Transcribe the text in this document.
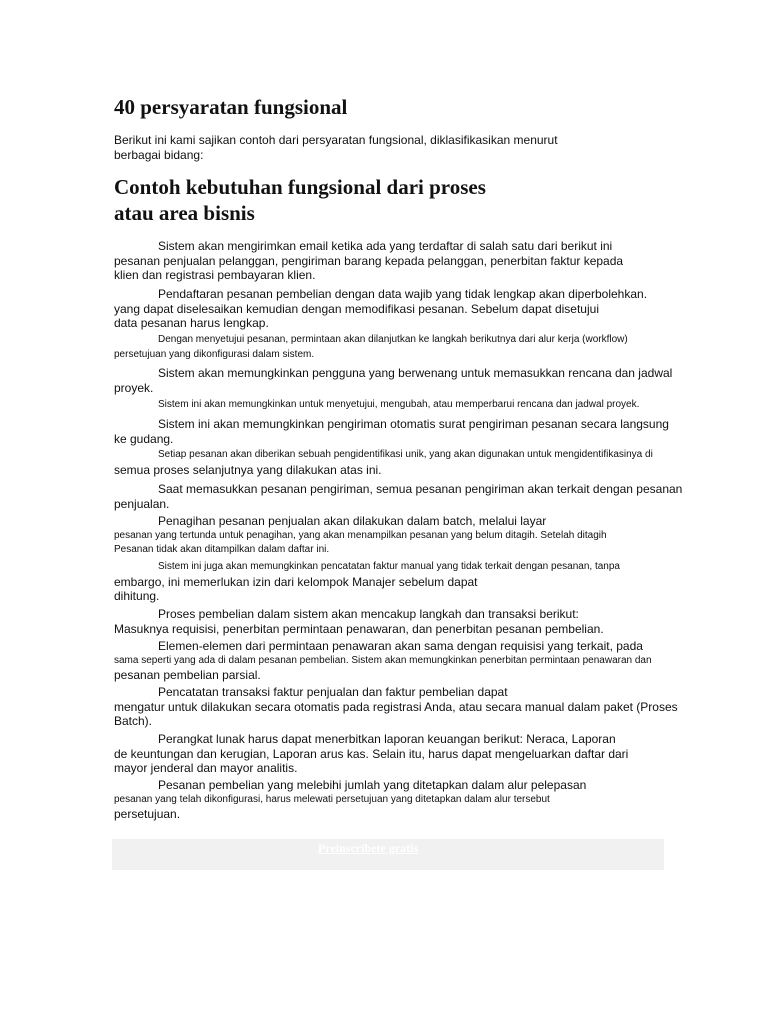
40 persyaratan fungsional

Berikut ini kami sajikan contoh dari persyaratan fungsional, diklasifikasikan menurut berbagai bidang:

Contoh kebutuhan fungsional dari proses atau area bisnis
Sistem akan mengirimkan email ketika ada yang terdaftar di salah satu dari berikut ini
pesanan penjualan pelanggan, pengiriman barang kepada pelanggan, penerbitan faktur kepada
klien dan registrasi pembayaran klien.
Pendaftaran pesanan pembelian dengan data wajib yang tidak lengkap akan diperbolehkan.
yang dapat diselesaikan kemudian dengan memodifikasi pesanan. Sebelum dapat disetujui
data pesanan harus lengkap.
Dengan menyetujui pesanan, permintaan akan dilanjutkan ke langkah berikutnya dari alur kerja (workflow)
persetujuan yang dikonfigurasi dalam sistem.
Sistem akan memungkinkan pengguna yang berwenang untuk memasukkan rencana dan jadwal
proyek.
Sistem ini akan memungkinkan untuk menyetujui, mengubah, atau memperbarui rencana dan jadwal proyek.
Sistem ini akan memungkinkan pengiriman otomatis surat pengiriman pesanan secara langsung
ke gudang.
Setiap pesanan akan diberikan sebuah pengidentifikasi unik, yang akan digunakan untuk mengidentifikasinya di
semua proses selanjutnya yang dilakukan atas ini.
Saat memasukkan pesanan pengiriman, semua pesanan pengiriman akan terkait dengan pesanan
penjualan.
Penagihan pesanan penjualan akan dilakukan dalam batch, melalui layar
pesanan yang tertunda untuk penagihan, yang akan menampilkan pesanan yang belum ditagih. Setelah ditagih
Pesanan tidak akan ditampilkan dalam daftar ini.
Sistem ini juga akan memungkinkan pencatatan faktur manual yang tidak terkait dengan pesanan, tanpa
embargo, ini memerlukan izin dari kelompok Manajer sebelum dapat
dihitung.
Proses pembelian dalam sistem akan mencakup langkah dan transaksi berikut:
Masuknya requisisi, penerbitan permintaan penawaran, dan penerbitan pesanan pembelian.
Elemen-elemen dari permintaan penawaran akan sama dengan requisisi yang terkait, pada
sama seperti yang ada di dalam pesanan pembelian. Sistem akan memungkinkan penerbitan permintaan penawaran dan
pesanan pembelian parsial.
Pencatatan transaksi faktur penjualan dan faktur pembelian dapat
mengatur untuk dilakukan secara otomatis pada registrasi Anda, atau secara manual dalam paket (Proses
Batch).
Perangkat lunak harus dapat menerbitkan laporan keuangan berikut: Neraca, Laporan
de keuntungan dan kerugian, Laporan arus kas. Selain itu, harus dapat mengeluarkan daftar dari
mayor jenderal dan mayor analitis.
Pesanan pembelian yang melebihi jumlah yang ditetapkan dalam alur pelepasan
pesanan yang telah dikonfigurasi, harus melewati persetujuan yang ditetapkan dalam alur tersebut
persetujuan.
Preinscríbete gratis
